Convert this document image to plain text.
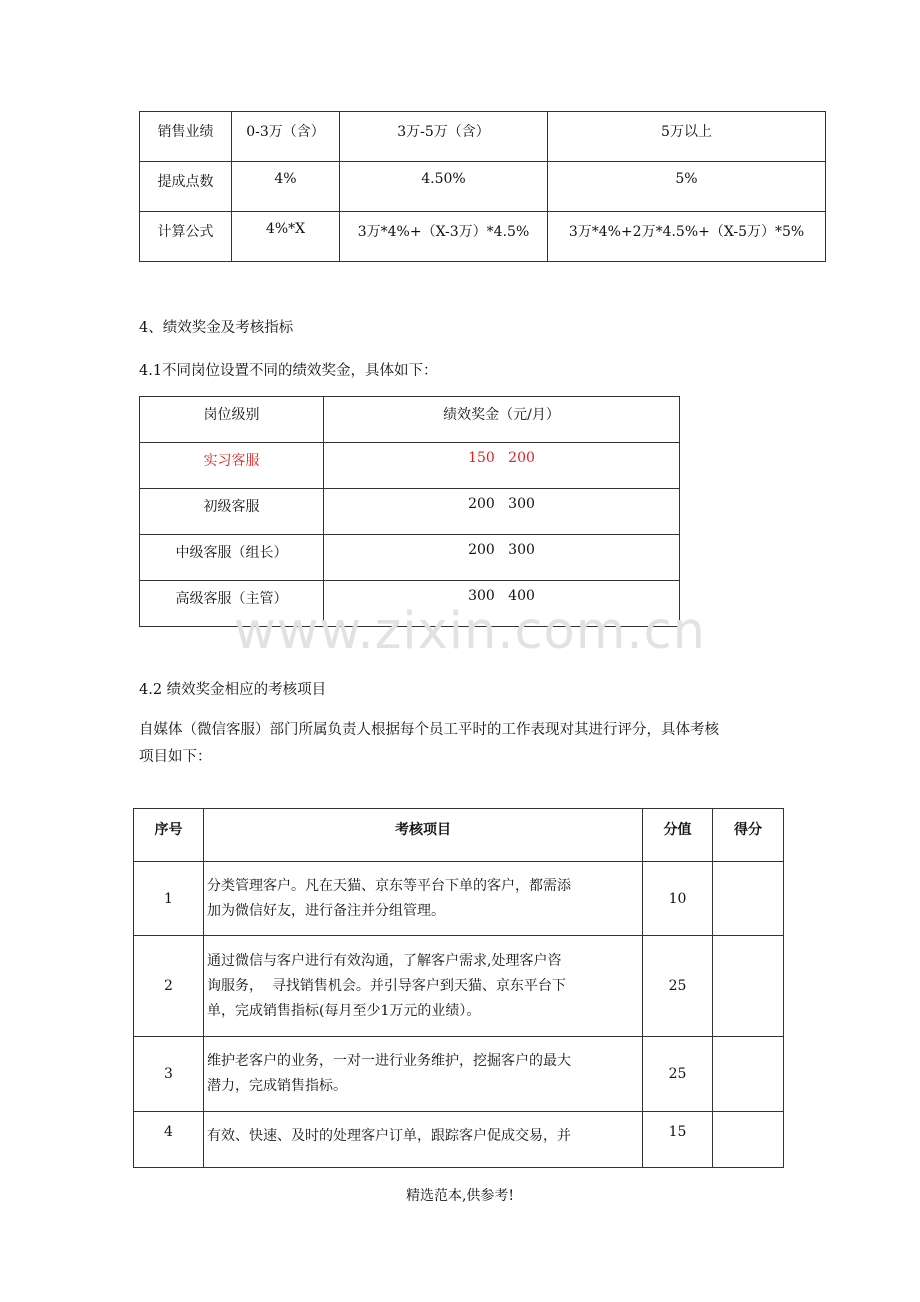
销售业绩	0-3万（含）	3万-5万（含）	5万以上
提成点数	4%	4.50%	5%
计算公式	4%*X	3万*4%+（X-3万）*4.5%	3万*4%+2万*4.5%+（X-5万）*5%

4、绩效奖金及考核指标

4.1不同岗位设置不同的绩效奖金，具体如下：

岗位级别	绩效奖金（元/月）
实习客服	150   200
初级客服	200   300
中级客服（组长）	200   300
高级客服（主管）	300   400
www.zixin.com.cn

4.2 绩效奖金相应的考核项目

自媒体（微信客服）部门所属负责人根据每个员工平时的工作表现对其进行评分，具体考核

项目如下：

序号	考核项目	分值	得分
1	分类管理客户。凡在天猫、京东等平台下单的客户，都需添
加为微信好友，进行备注并分组管理。	10	
2	通过微信与客户进行有效沟通，了解客户需求,处理客户咨
询服务，  寻找销售机会。并引导客户到天猫、京东平台下
单，完成销售指标(每月至少1万元的业绩）。	25	
3	维护老客户的业务，一对一进行业务维护，挖掘客户的最大
潜力，完成销售指标。	25	
4	有效、快速、及时的处理客户订单，跟踪客户促成交易，并	15	
精选范本,供参考!
